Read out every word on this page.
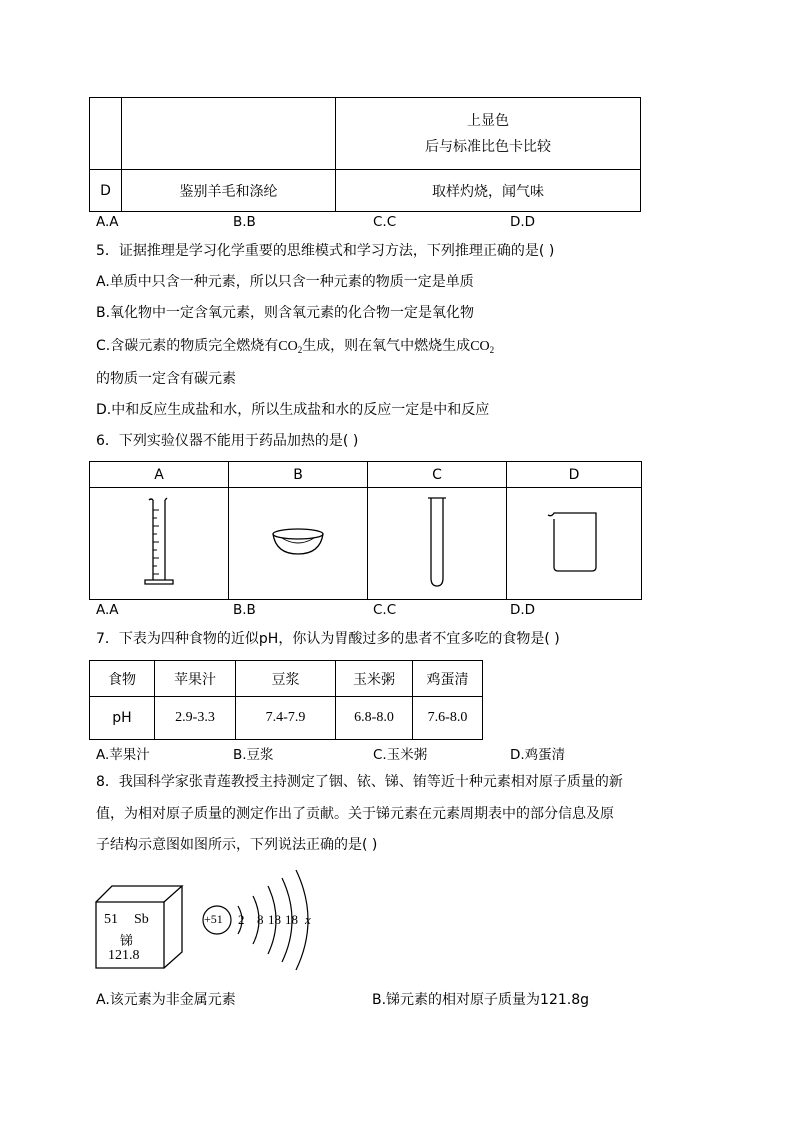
		上显色
后与标准比色卡比较

D	鉴别羊毛和涤纶	取样灼烧，闻气味
A.A	B.B	C.C	D.D
5．证据推理是学习化学重要的思维模式和学习方法，下列推理正确的是( )
A.单质中只含一种元素，所以只含一种元素的物质一定是单质
B.氧化物中一定含氧元素，则含氧元素的化合物一定是氧化物
C.含碳元素的物质完全燃烧有$CO_2$生成，则在氧气中燃烧生成$CO_2$
的物质一定含有碳元素
D.中和反应生成盐和水，所以生成盐和水的反应一定是中和反应
6．下列实验仪器不能用于药品加热的是( )
A	B	C	D

A.A	B.B	C.C	D.D
7．下表为四种食物的近似pH，你认为胃酸过多的患者不宜多吃的食物是( )
食物	苹果汁	豆浆	玉米粥	鸡蛋清
pH	2.9-3.3	7.4-7.9	6.8-8.0	7.6-8.0
A.苹果汁	B.豆浆	C.玉米粥	D.鸡蛋清
8．我国科学家张青莲教授主持测定了铟、铱、锑、铕等近十种元素相对原子质量的新
值，为相对原子质量的测定作出了贡献。关于锑元素在元素周期表中的部分信息及原
子结构示意图如图所示，下列说法正确的是( )
51 Sb
锑
121.8
+51 2 8 18 18 x
A.该元素为非金属元素	B.锑元素的相对原子质量为121.8g
